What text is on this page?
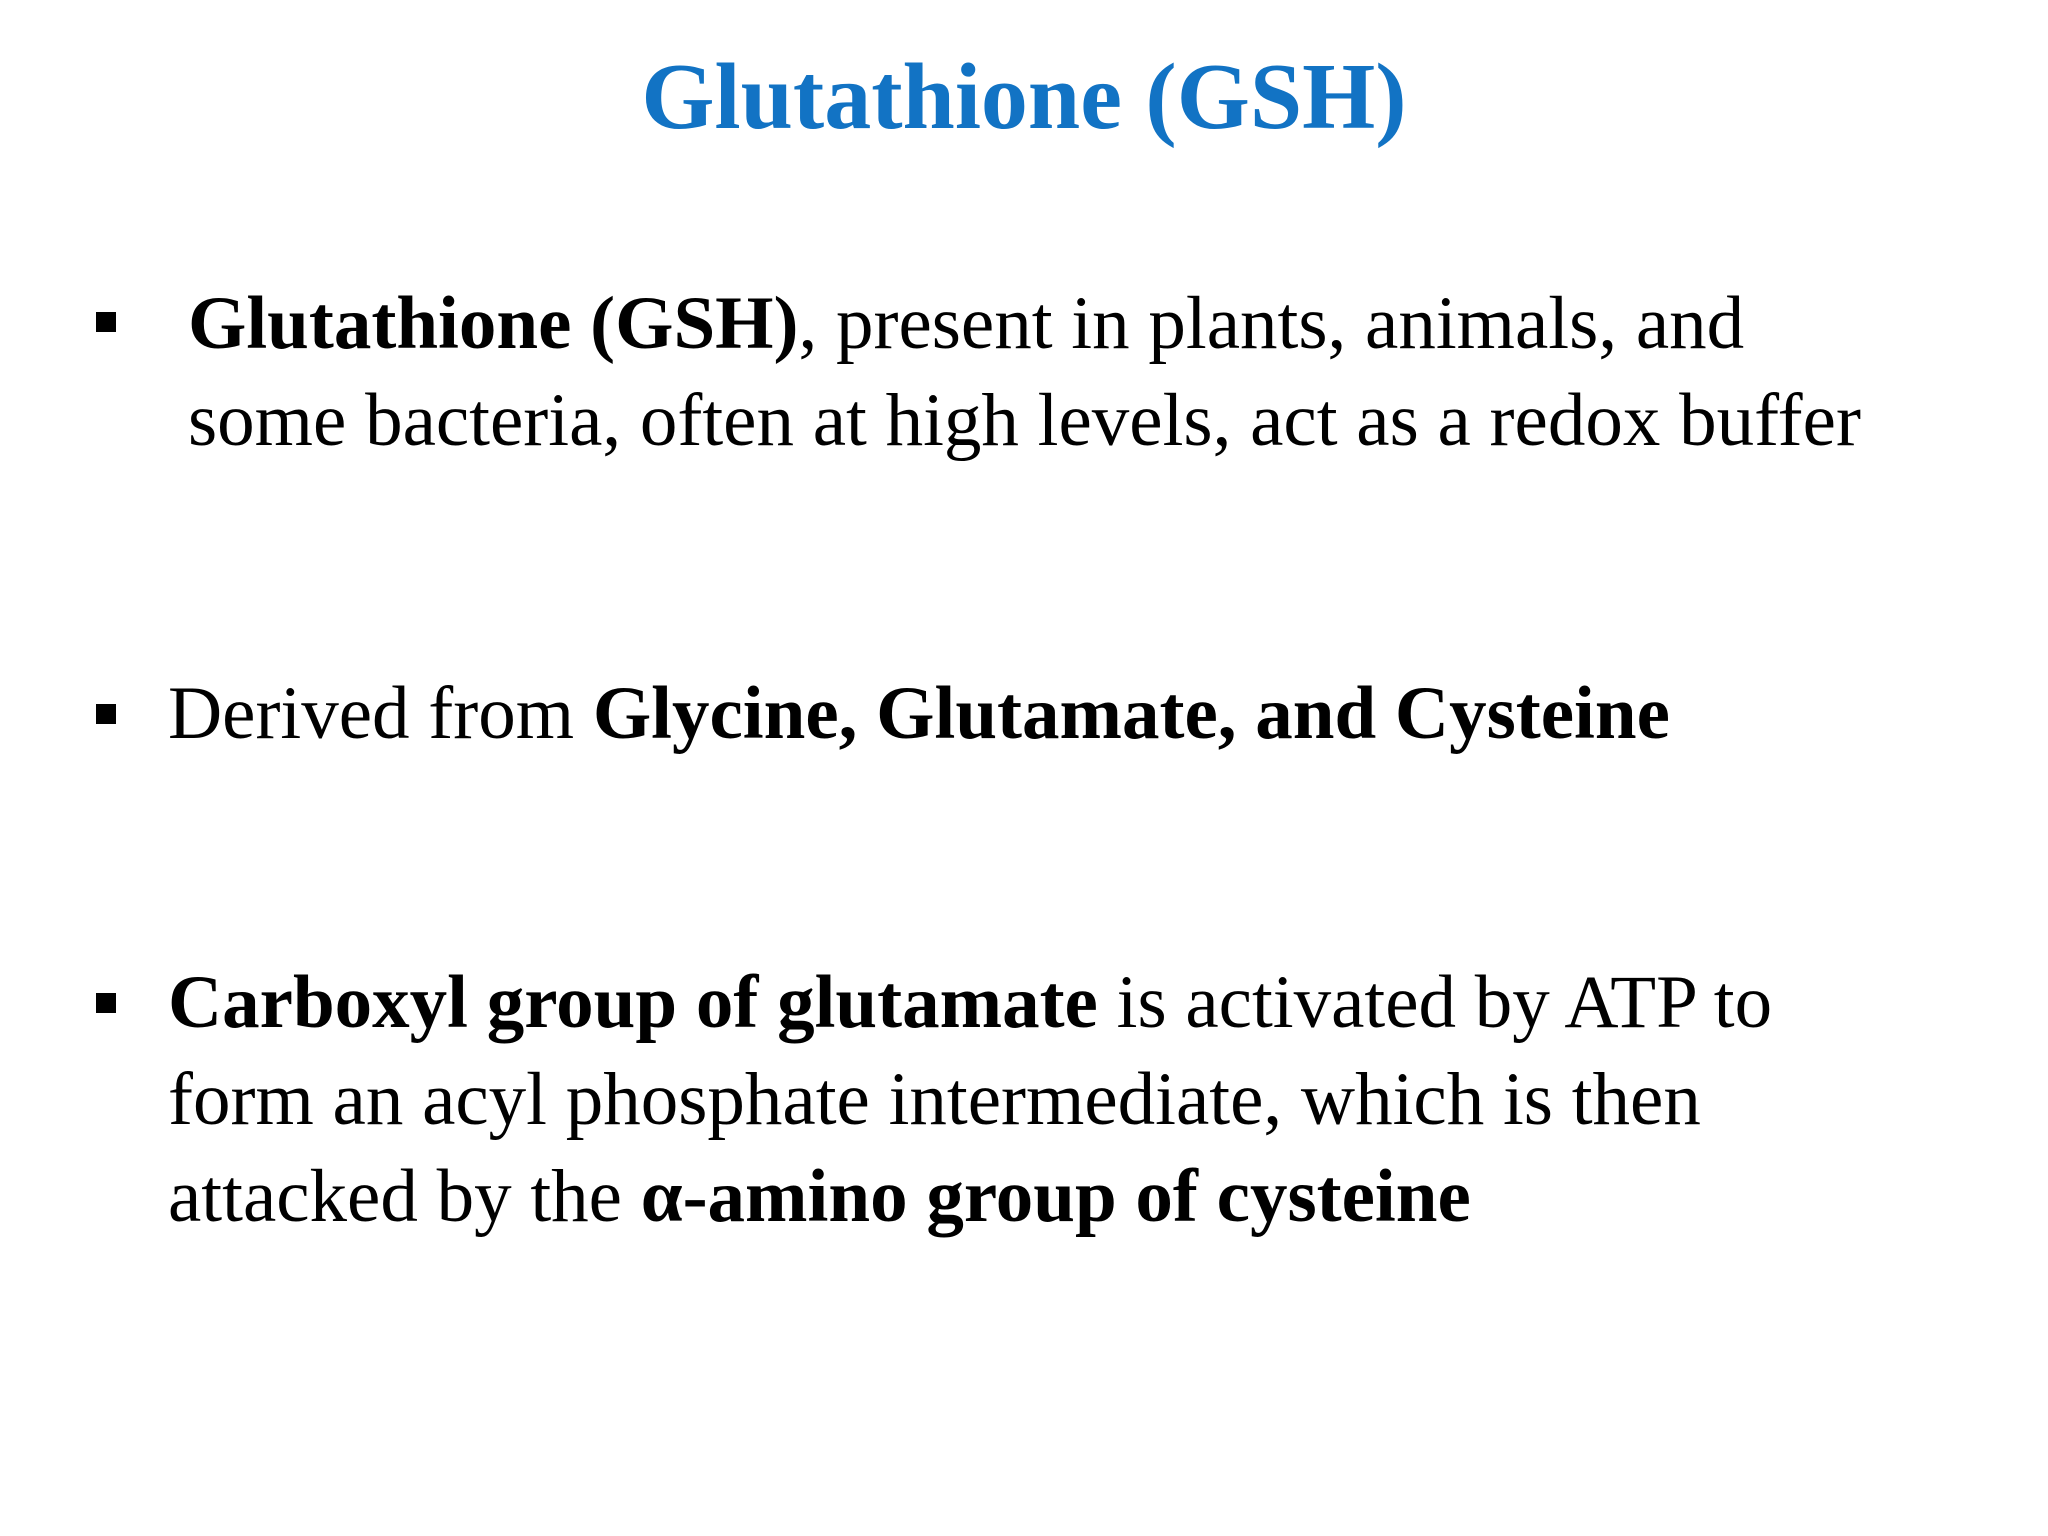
Glutathione (GSH)
Glutathione (GSH), present in plants, animals, and
some bacteria, often at high levels, act as a redox buffer
Derived from Glycine, Glutamate, and Cysteine
Carboxyl group of glutamate is activated by ATP to
form an acyl phosphate intermediate, which is then
attacked by the α-amino group of cysteine
